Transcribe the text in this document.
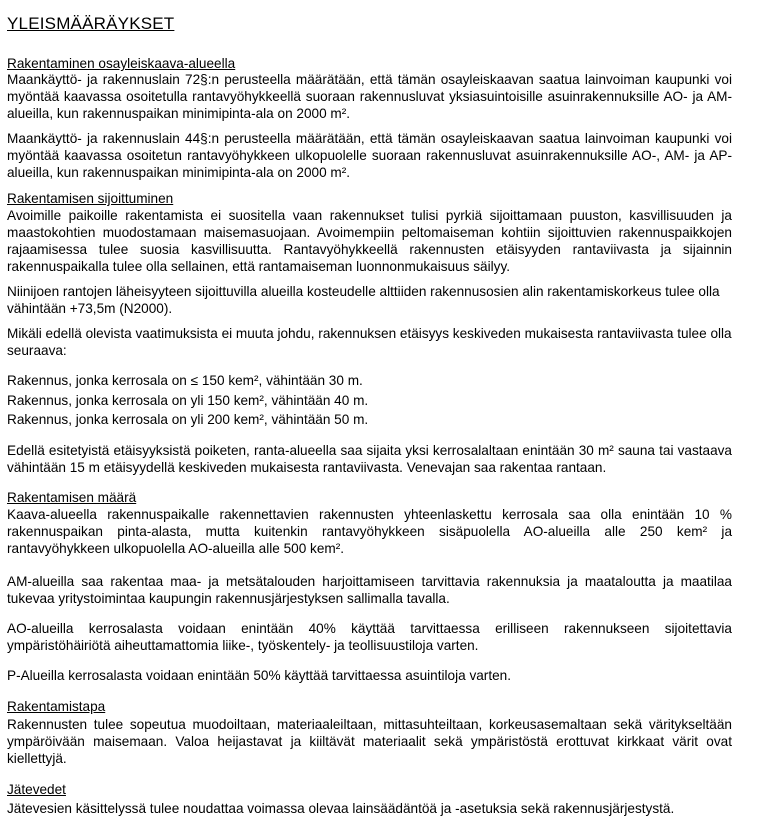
YLEISMÄÄRÄYKSET
Rakentaminen osayleiskaava-alueella
Maankäyttö- ja rakennuslain 72§:n perusteella määrätään, että tämän osayleiskaavan saatua lainvoiman kaupunki voi myöntää kaavassa osoitetulla rantavyöhykkeellä suoraan rakennusluvat yksiasuintoisille asuinrakennuksille AO- ja AM-alueilla, kun rakennuspaikan minimipinta-ala on 2000 m².
Maankäyttö- ja rakennuslain 44§:n perusteella määrätään, että tämän osayleiskaavan saatua lainvoiman kaupunki voi myöntää kaavassa osoitetun rantavyöhykkeen ulkopuolelle suoraan rakennusluvat asuinrakennuksille AO-, AM- ja AP-alueilla, kun rakennuspaikan minimipinta-ala on 2000 m².
Rakentamisen sijoittuminen
Avoimille paikoille rakentamista ei suositella vaan rakennukset tulisi pyrkiä sijoittamaan puuston, kasvillisuuden ja maastokohtien muodostamaan maisemasuojaan. Avoimempiin peltomaiseman kohtiin sijoittuvien rakennuspaikkojen rajaamisessa tulee suosia kasvillisuutta. Rantavyöhykkeellä rakennusten etäisyyden rantaviivasta ja sijainnin rakennuspaikalla tulee olla sellainen, että rantamaiseman luonnonmukaisuus säilyy.
Niinijoen rantojen läheisyyteen sijoittuvilla alueilla kosteudelle alttiiden rakennusosien alin rakentamiskorkeus tulee olla vähintään +73,5m (N2000).
Mikäli edellä olevista vaatimuksista ei muuta johdu, rakennuksen etäisyys keskiveden mukaisesta rantaviivasta tulee olla seuraava:
Rakennus, jonka kerrosala on ≤ 150 kem², vähintään 30 m.
Rakennus, jonka kerrosala on yli 150 kem², vähintään 40 m.
Rakennus, jonka kerrosala on yli 200 kem², vähintään 50 m.
Edellä esitetyistä etäisyyksistä poiketen, ranta-alueella saa sijaita yksi kerrosalaltaan enintään 30 m² sauna tai vastaava vähintään 15 m etäisyydellä keskiveden mukaisesta rantaviivasta. Venevajan saa rakentaa rantaan.
Rakentamisen määrä
Kaava-alueella rakennuspaikalle rakennettavien rakennusten yhteenlaskettu kerrosala saa olla enintään 10 % rakennuspaikan pinta-alasta, mutta kuitenkin rantavyöhykkeen sisäpuolella AO-alueilla alle 250 kem² ja rantavyöhykkeen ulkopuolella AO-alueilla alle 500 kem².
AM-alueilla saa rakentaa maa- ja metsätalouden harjoittamiseen tarvittavia rakennuksia ja maataloutta ja maatilaa tukevaa yritystoimintaa kaupungin rakennusjärjestyksen sallimalla tavalla.
AO-alueilla kerrosalasta voidaan enintään 40% käyttää tarvittaessa erilliseen rakennukseen sijoitettavia ympäristöhäiriötä aiheuttamattomia liike-, työskentely- ja teollisuustiloja varten.
P-Alueilla kerrosalasta voidaan enintään 50% käyttää tarvittaessa asuintiloja varten.
Rakentamistapa
Rakennusten tulee sopeutua muodoiltaan, materiaaleiltaan, mittasuhteiltaan, korkeusasemaltaan sekä väritykseltään ympäröivään maisemaan. Valoa heijastavat ja kiiltävät materiaalit sekä ympäristöstä erottuvat kirkkaat värit ovat kiellettyjä.
Jätevedet
Jätevesien käsittelyssä tulee noudattaa voimassa olevaa lainsäädäntöä ja -asetuksia sekä rakennusjärjestystä.
